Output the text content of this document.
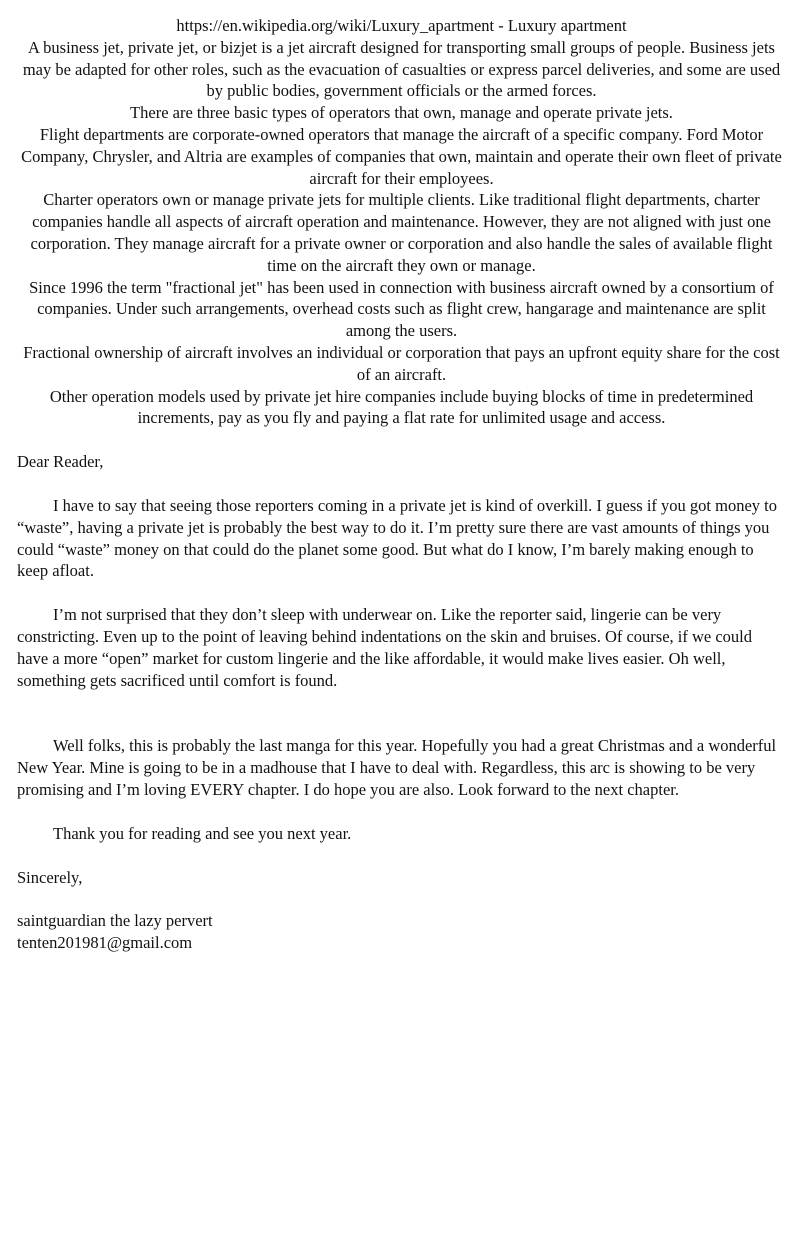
https://en.wikipedia.org/wiki/Luxury_apartment - Luxury apartment

A business jet, private jet, or bizjet is a jet aircraft designed for transporting small groups of people. Business jets may be adapted for other roles, such as the evacuation of casualties or express parcel deliveries, and some are used by public bodies, government officials or the armed forces.

There are three basic types of operators that own, manage and operate private jets.

Flight departments are corporate-owned operators that manage the aircraft of a specific company. Ford Motor Company, Chrysler, and Altria are examples of companies that own, maintain and operate their own fleet of private aircraft for their employees.

Charter operators own or manage private jets for multiple clients. Like traditional flight departments, charter companies handle all aspects of aircraft operation and maintenance. However, they are not aligned with just one corporation. They manage aircraft for a private owner or corporation and also handle the sales of available flight time on the aircraft they own or manage.

Since 1996 the term "fractional jet" has been used in connection with business aircraft owned by a consortium of companies. Under such arrangements, overhead costs such as flight crew, hangarage and maintenance are split among the users.

Fractional ownership of aircraft involves an individual or corporation that pays an upfront equity share for the cost of an aircraft.

Other operation models used by private jet hire companies include buying blocks of time in predetermined increments, pay as you fly and paying a flat rate for unlimited usage and access.

Dear Reader,

I have to say that seeing those reporters coming in a private jet is kind of overkill. I guess if you got money to “waste”, having a private jet is probably the best way to do it. I’m pretty sure there are vast amounts of things you could “waste” money on that could do the planet some good. But what do I know, I’m barely making enough to keep afloat.

I’m not surprised that they don’t sleep with underwear on. Like the reporter said, lingerie can be very constricting. Even up to the point of leaving behind indentations on the skin and bruises. Of course, if we could have a more “open” market for custom lingerie and the like affordable, it would make lives easier. Oh well, something gets sacrificed until comfort is found.

Well folks, this is probably the last manga for this year. Hopefully you had a great Christmas and a wonderful New Year. Mine is going to be in a madhouse that I have to deal with. Regardless, this arc is showing to be very promising and I’m loving EVERY chapter. I do hope you are also. Look forward to the next chapter.

Thank you for reading and see you next year.

Sincerely,

saintguardian the lazy pervert

tenten201981@gmail.com
